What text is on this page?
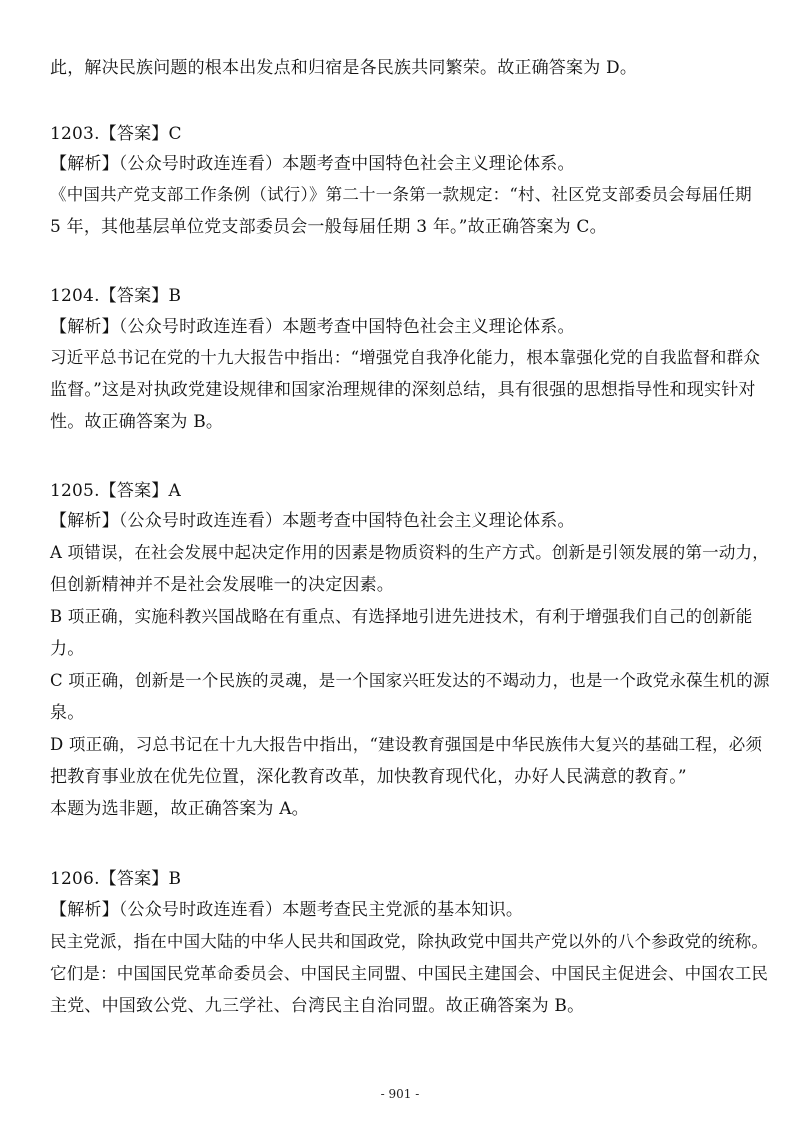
此，解决民族问题的根本出发点和归宿是各民族共同繁荣。故正确答案为 D。
1203.【答案】C
【解析】（公众号时政连连看）本题考查中国特色社会主义理论体系。
《中国共产党支部工作条例（试行）》第二十一条第一款规定：“村、社区党支部委员会每届任期
5 年，其他基层单位党支部委员会一般每届任期 3 年。”故正确答案为 C。
1204.【答案】B
【解析】（公众号时政连连看）本题考查中国特色社会主义理论体系。
习近平总书记在党的十九大报告中指出：“增强党自我净化能力，根本靠强化党的自我监督和群众
监督。”这是对执政党建设规律和国家治理规律的深刻总结，具有很强的思想指导性和现实针对
性。故正确答案为 B。
1205.【答案】A
【解析】（公众号时政连连看）本题考查中国特色社会主义理论体系。
A 项错误，在社会发展中起决定作用的因素是物质资料的生产方式。创新是引领发展的第一动力，
但创新精神并不是社会发展唯一的决定因素。
B 项正确，实施科教兴国战略在有重点、有选择地引进先进技术，有利于增强我们自己的创新能
力。
C 项正确，创新是一个民族的灵魂，是一个国家兴旺发达的不竭动力，也是一个政党永葆生机的源
泉。
D 项正确，习总书记在十九大报告中指出，“建设教育强国是中华民族伟大复兴的基础工程，必须
把教育事业放在优先位置，深化教育改革，加快教育现代化，办好人民满意的教育。”
本题为选非题，故正确答案为 A。
1206.【答案】B
【解析】（公众号时政连连看）本题考查民主党派的基本知识。
民主党派，指在中国大陆的中华人民共和国政党，除执政党中国共产党以外的八个参政党的统称。
它们是：中国国民党革命委员会、中国民主同盟、中国民主建国会、中国民主促进会、中国农工民
主党、中国致公党、九三学社、台湾民主自治同盟。故正确答案为 B。
- 901 -
